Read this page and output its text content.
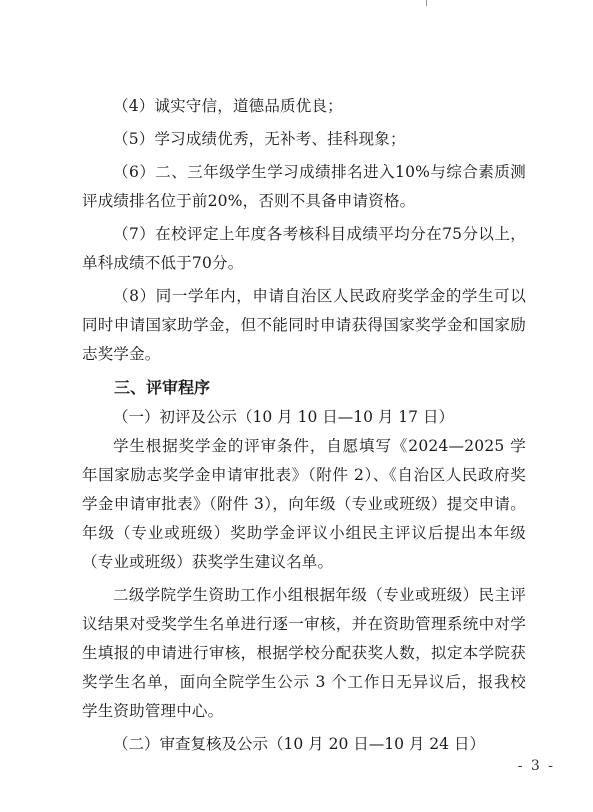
（4）诚实守信，道德品质优良；

（5）学习成绩优秀，无补考、挂科现象；

（6）二、三年级学生学习成绩排名进入10%与综合素质测评成绩排名位于前20%，否则不具备申请资格。

（7）在校评定上年度各考核科目成绩平均分在75分以上，单科成绩不低于70分。

（8）同一学年内，申请自治区人民政府奖学金的学生可以同时申请国家助学金，但不能同时申请获得国家奖学金和国家励志奖学金。

三、评审程序

（一）初评及公示（10 月 10 日—10 月 17 日）

学生根据奖学金的评审条件，自愿填写《2024—2025 学年国家励志奖学金申请审批表》（附件 2）、《自治区人民政府奖学金申请审批表》（附件 3），向年级（专业或班级）提交申请。年级（专业或班级）奖助学金评议小组民主评议后提出本年级（专业或班级）获奖学生建议名单。

二级学院学生资助工作小组根据年级（专业或班级）民主评议结果对受奖学生名单进行逐一审核，并在资助管理系统中对学生填报的申请进行审核，根据学校分配获奖人数，拟定本学院获奖学生名单，面向全院学生公示 3 个工作日无异议后，报我校学生资助管理中心。

（二）审查复核及公示（10 月 20 日—10 月 24 日）

- 3 -
